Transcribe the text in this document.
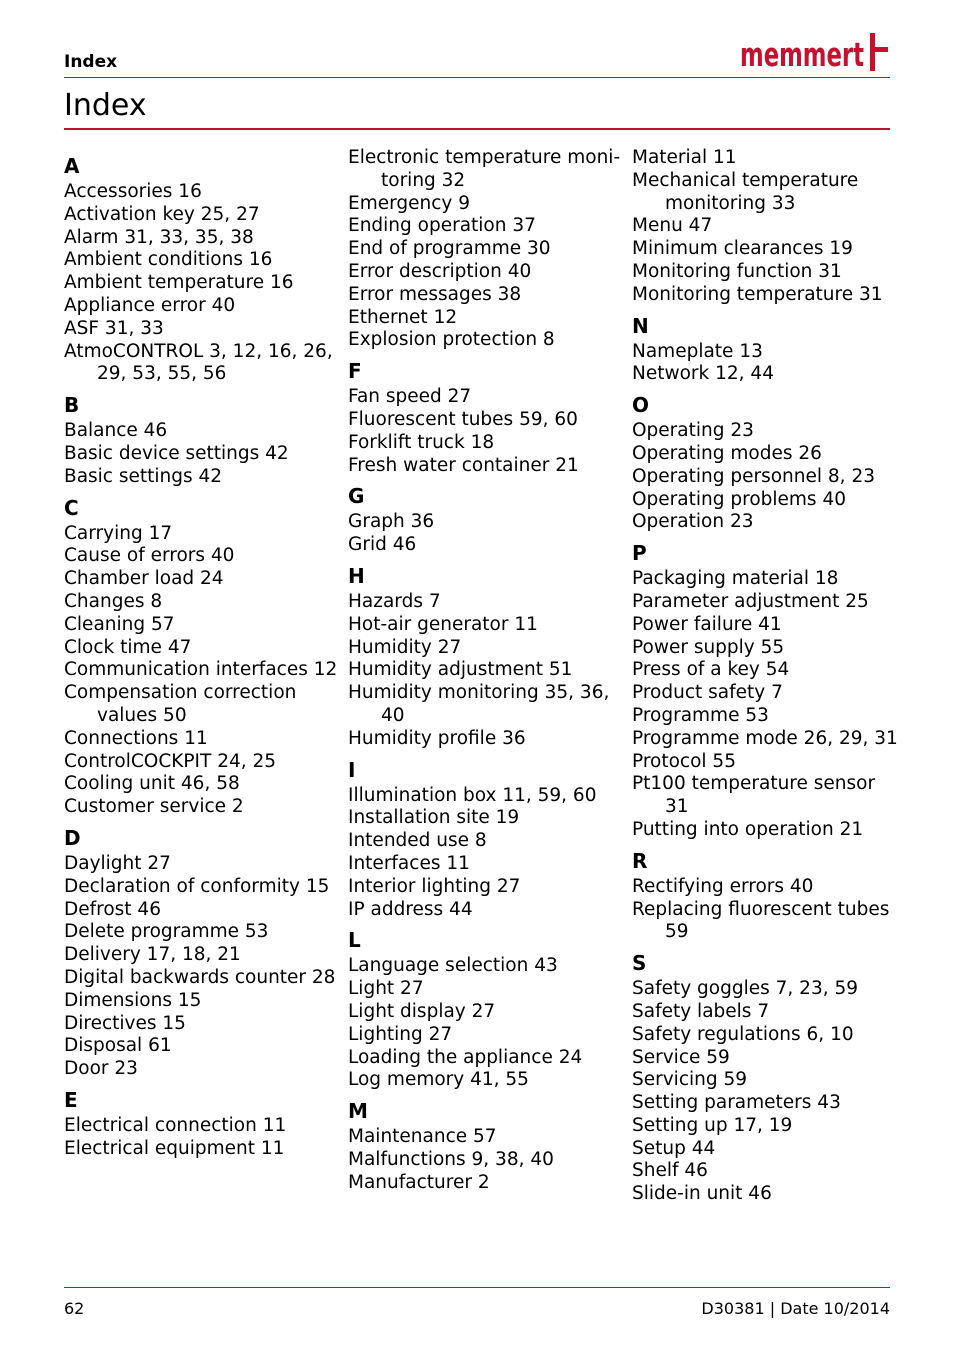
Index	memmert
Index
A
Accessories 16
Activation key 25, 27
Alarm 31, 33, 35, 38
Ambient conditions 16
Ambient temperature 16
Appliance error 40
ASF 31, 33
AtmoCONTROL 3, 12, 16, 26, 29, 53, 55, 56
B
Balance 46
Basic device settings 42
Basic settings 42
C
Carrying 17
Cause of errors 40
Chamber load 24
Changes 8
Cleaning 57
Clock time 47
Communication interfaces 12
Compensation correction values 50
Connections 11
ControlCOCKPIT 24, 25
Cooling unit 46, 58
Customer service 2
D
Daylight 27
Declaration of conformity 15
Defrost 46
Delete programme 53
Delivery 17, 18, 21
Digital backwards counter 28
Dimensions 15
Directives 15
Disposal 61
Door 23
E
Electrical connection 11
Electrical equipment 11
Electronic temperature moni- toring 32
Emergency 9
Ending operation 37
End of programme 30
Error description 40
Error messages 38
Ethernet 12
Explosion protection 8
F
Fan speed 27
Fluorescent tubes 59, 60
Forklift truck 18
Fresh water container 21
G
Graph 36
Grid 46
H
Hazards 7
Hot-air generator 11
Humidity 27
Humidity adjustment 51
Humidity monitoring 35, 36, 40
Humidity profile 36
I
Illumination box 11, 59, 60
Installation site 19
Intended use 8
Interfaces 11
Interior lighting 27
IP address 44
L
Language selection 43
Light 27
Light display 27
Lighting 27
Loading the appliance 24
Log memory 41, 55
M
Maintenance 57
Malfunctions 9, 38, 40
Manufacturer 2
Material 11
Mechanical temperature monitoring 33
Menu 47
Minimum clearances 19
Monitoring function 31
Monitoring temperature 31
N
Nameplate 13
Network 12, 44
O
Operating 23
Operating modes 26
Operating personnel 8, 23
Operating problems 40
Operation 23
P
Packaging material 18
Parameter adjustment 25
Power failure 41
Power supply 55
Press of a key 54
Product safety 7
Programme 53
Programme mode 26, 29, 31
Protocol 55
Pt100 temperature sensor 31
Putting into operation 21
R
Rectifying errors 40
Replacing fluorescent tubes 59
S
Safety goggles 7, 23, 59
Safety labels 7
Safety regulations 6, 10
Service 59
Servicing 59
Setting parameters 43
Setting up 17, 19
Setup 44
Shelf 46
Slide-in unit 46
62	D30381 | Date 10/2014
